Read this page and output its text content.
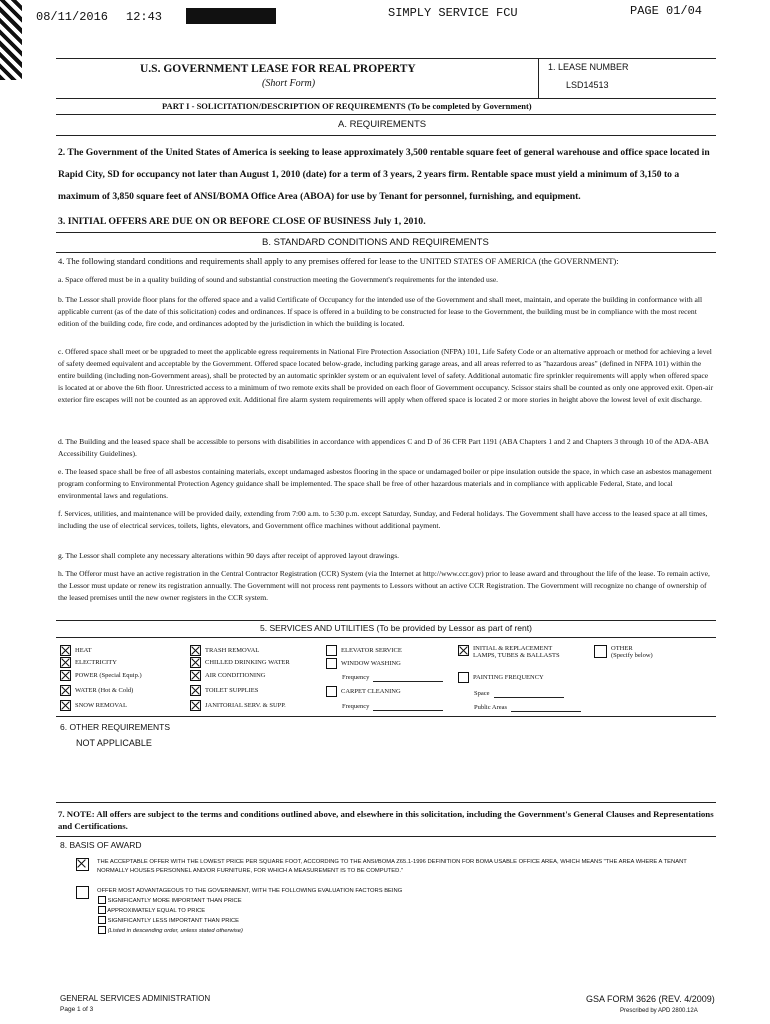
08/11/2016 12:43	SIMPLY SERVICE FCU	PAGE 01/04
U.S. GOVERNMENT LEASE FOR REAL PROPERTY
(Short Form)
1. LEASE NUMBER
LSD14513
PART I - SOLICITATION/DESCRIPTION OF REQUIREMENTS (To be completed by Government)
A. REQUIREMENTS
2. The Government of the United States of America is seeking to lease approximately 3,500 rentable square feet of general warehouse and office space located in Rapid City, SD for occupancy not later than August 1, 2010 (date) for a term of 3 years, 2 years firm. Rentable space must yield a minimum of 3,150 to a maximum of 3,850 square feet of ANSI/BOMA Office Area (ABOA) for use by Tenant for personnel, furnishing, and equipment.
3. INITIAL OFFERS ARE DUE ON OR BEFORE CLOSE OF BUSINESS July 1, 2010.
B. STANDARD CONDITIONS AND REQUIREMENTS
4. The following standard conditions and requirements shall apply to any premises offered for lease to the UNITED STATES OF AMERICA (the GOVERNMENT):
a. Space offered must be in a quality building of sound and substantial construction meeting the Government's requirements for the intended use.
b. The Lessor shall provide floor plans for the offered space and a valid Certificate of Occupancy for the intended use of the Government and shall meet, maintain, and operate the building in conformance with all applicable current (as of the date of this solicitation) codes and ordinances. If space is offered in a building to be constructed for lease to the Government, the building must be in compliance with the most recent edition of the building code, fire code, and ordinances adopted by the jurisdiction in which the building is located.
c. Offered space shall meet or be upgraded to meet the applicable egress requirements in National Fire Protection Association (NFPA) 101, Life Safety Code or an alternative approach or method for achieving a level of safety deemed equivalent and acceptable by the Government. Offered space located below-grade, including parking garage areas, and all areas referred to as "hazardous areas" (defined in NFPA 101) within the entire building (including non-Government areas), shall be protected by an automatic sprinkler system or an equivalent level of safety. Additional automatic fire sprinkler requirements will apply when offered space is located at or above the 6th floor. Unrestricted access to a minimum of two remote exits shall be provided on each floor of Government occupancy. Scissor stairs shall be counted as only one approved exit. Open-air exterior fire escapes will not be counted as an approved exit. Additional fire alarm system requirements will apply when offered space is located 2 or more stories in height above the lowest level of exit discharge.
d. The Building and the leased space shall be accessible to persons with disabilities in accordance with appendices C and D of 36 CFR Part 1191 (ABA Chapters 1 and 2 and Chapters 3 through 10 of the ADA-ABA Accessibility Guidelines).
e. The leased space shall be free of all asbestos containing materials, except undamaged asbestos flooring in the space or undamaged boiler or pipe insulation outside the space, in which case an asbestos management program conforming to Environmental Protection Agency guidance shall be implemented. The space shall be free of other hazardous materials and in compliance with applicable Federal, State, and local environmental laws and regulations.
f. Services, utilities, and maintenance will be provided daily, extending from 7:00 a.m. to 5:30 p.m. except Saturday, Sunday, and Federal holidays. The Government shall have access to the leased space at all times, including the use of electrical services, toilets, lights, elevators, and Government office machines without additional payment.
g. The Lessor shall complete any necessary alterations within 90 days after receipt of approved layout drawings.
h. The Offeror must have an active registration in the Central Contractor Registration (CCR) System (via the Internet at http://www.ccr.gov) prior to lease award and throughout the life of the lease. To remain active, the Lessor must update or renew its registration annually. The Government will not process rent payments to Lessors without an active CCR Registration. The Government will recognize no change of ownership of the leased premises until the new owner registers in the CCR system.
5. SERVICES AND UTILITIES (To be provided by Lessor as part of rent)
HEAT
ELECTRICITY
POWER (Special Equip.)
WATER (Hot & Cold)
SNOW REMOVAL
TRASH REMOVAL
CHILLED DRINKING WATER
AIR CONDITIONING
TOILET SUPPLIES
JANITORIAL SERV. & SUPP.
ELEVATOR SERVICE
WINDOW WASHING
Frequency
CARPET CLEANING
Frequency
INITIAL & REPLACEMENT
LAMPS, TUBES & BALLASTS
PAINTING FREQUENCY
Space
Public Areas
OTHER
(Specify below)
6. OTHER REQUIREMENTS
NOT APPLICABLE
7. NOTE: All offers are subject to the terms and conditions outlined above, and elsewhere in this solicitation, including the Government's General Clauses and Representations and Certifications.
8. BASIS OF AWARD
THE ACCEPTABLE OFFER WITH THE LOWEST PRICE PER SQUARE FOOT, ACCORDING TO THE ANSI/BOMA Z65.1-1996 DEFINITION FOR BOMA USABLE OFFICE AREA, WHICH MEANS "THE AREA WHERE A TENANT NORMALLY HOUSES PERSONNEL AND/OR FURNITURE, FOR WHICH A MEASUREMENT IS TO BE COMPUTED."
OFFER MOST ADVANTAGEOUS TO THE GOVERNMENT, WITH THE FOLLOWING EVALUATION FACTORS BEING
SIGNIFICANTLY MORE IMPORTANT THAN PRICE
APPROXIMATELY EQUAL TO PRICE
SIGNIFICANTLY LESS IMPORTANT THAN PRICE
(Listed in descending order, unless stated otherwise)
GENERAL SERVICES ADMINISTRATION
Page 1 of 3
GSA FORM 3626 (REV. 4/2009)
Prescribed by APD 2800.12A
